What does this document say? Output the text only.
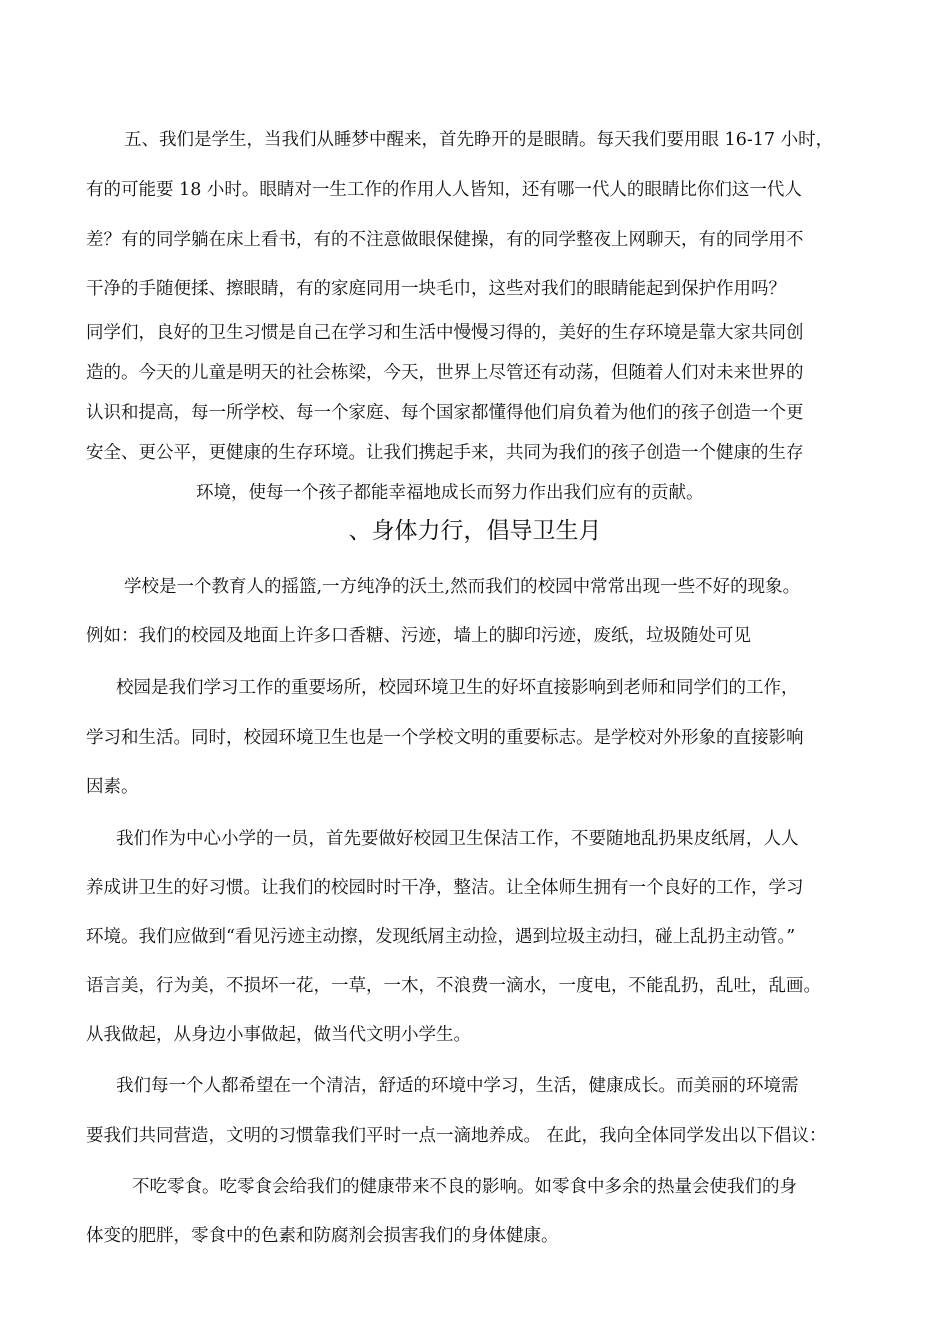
五、我们是学生，当我们从睡梦中醒来，首先睁开的是眼睛。每天我们要用眼 16-17 小时，
有的可能要 18 小时。眼睛对一生工作的作用人人皆知，还有哪一代人的眼睛比你们这一代人
差？有的同学躺在床上看书，有的不注意做眼保健操，有的同学整夜上网聊天，有的同学用不
干净的手随便揉、擦眼睛，有的家庭同用一块毛巾，这些对我们的眼睛能起到保护作用吗？
同学们，良好的卫生习惯是自己在学习和生活中慢慢习得的，美好的生存环境是靠大家共同创
造的。今天的儿童是明天的社会栋梁，今天，世界上尽管还有动荡，但随着人们对未来世界的
认识和提高，每一所学校、每一个家庭、每个国家都懂得他们肩负着为他们的孩子创造一个更
安全、更公平，更健康的生存环境。让我们携起手来，共同为我们的孩子创造一个健康的生存
环境，使每一个孩子都能幸福地成长而努力作出我们应有的贡献。
、身体力行，倡导卫生月
学校是一个教育人的摇篮,一方纯净的沃土,然而我们的校园中常常出现一些不好的现象。
例如：我们的校园及地面上许多口香糖、污迹，墙上的脚印污迹，废纸，垃圾随处可见
校园是我们学习工作的重要场所，校园环境卫生的好坏直接影响到老师和同学们的工作，
学习和生活。同时，校园环境卫生也是一个学校文明的重要标志。是学校对外形象的直接影响
因素。
我们作为中心小学的一员，首先要做好校园卫生保洁工作，不要随地乱扔果皮纸屑，人人
养成讲卫生的好习惯。让我们的校园时时干净，整洁。让全体师生拥有一个良好的工作，学习
环境。我们应做到“看见污迹主动擦，发现纸屑主动捡，遇到垃圾主动扫，碰上乱扔主动管。”
语言美，行为美，不损坏一花，一草，一木，不浪费一滴水，一度电，不能乱扔，乱吐，乱画。
从我做起，从身边小事做起，做当代文明小学生。
我们每一个人都希望在一个清洁，舒适的环境中学习，生活，健康成长。而美丽的环境需
要我们共同营造，文明的习惯靠我们平时一点一滴地养成。 在此，我向全体同学发出以下倡议：
不吃零食。吃零食会给我们的健康带来不良的影响。如零食中多余的热量会使我们的身
体变的肥胖，零食中的色素和防腐剂会损害我们的身体健康。
